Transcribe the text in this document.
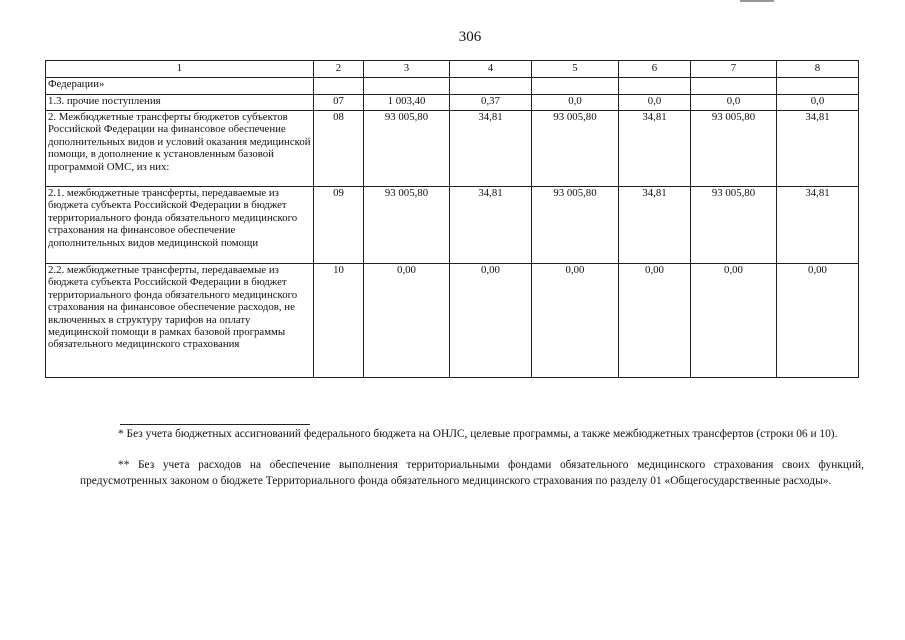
306
1	2	3	4	5	6	7	8
Федерации»							
1.3. прочие поступления	07	1 003,40	0,37	0,0	0,0	0,0	0,0
2. Межбюджетные трансферты бюджетов субъектов Российской Федерации на финансовое обеспечение дополнительных видов и условий оказания медицинской помощи, в дополнение к установленным базовой программой ОМС, из них:	08	93 005,80	34,81	93 005,80	34,81	93 005,80	34,81
2.1. межбюджетные трансферты, передаваемые из бюджета субъекта Российской Федерации в бюджет территориального фонда обязательного медицинского страхования на финансовое обеспечение дополнительных видов медицинской помощи	09	93 005,80	34,81	93 005,80	34,81	93 005,80	34,81
2.2. межбюджетные трансферты, передаваемые из бюджета субъекта Российской Федерации в бюджет территориального фонда обязательного медицинского страхования на финансовое обеспечение расходов, не включенных в структуру тарифов на оплату медицинской помощи в рамках базовой программы обязательного медицинского страхования	10	0,00	0,00	0,00	0,00	0,00	0,00

* Без учета бюджетных ассигнований федерального бюджета на ОНЛС, целевые программы, а также межбюджетных трансфертов (строки 06 и 10).

** Без учета расходов на обеспечение выполнения территориальными фондами обязательного медицинского страхования своих функций, предусмотренных законом о бюджете Территориального фонда обязательного медицинского страхования по разделу 01 «Общегосударственные расходы».
